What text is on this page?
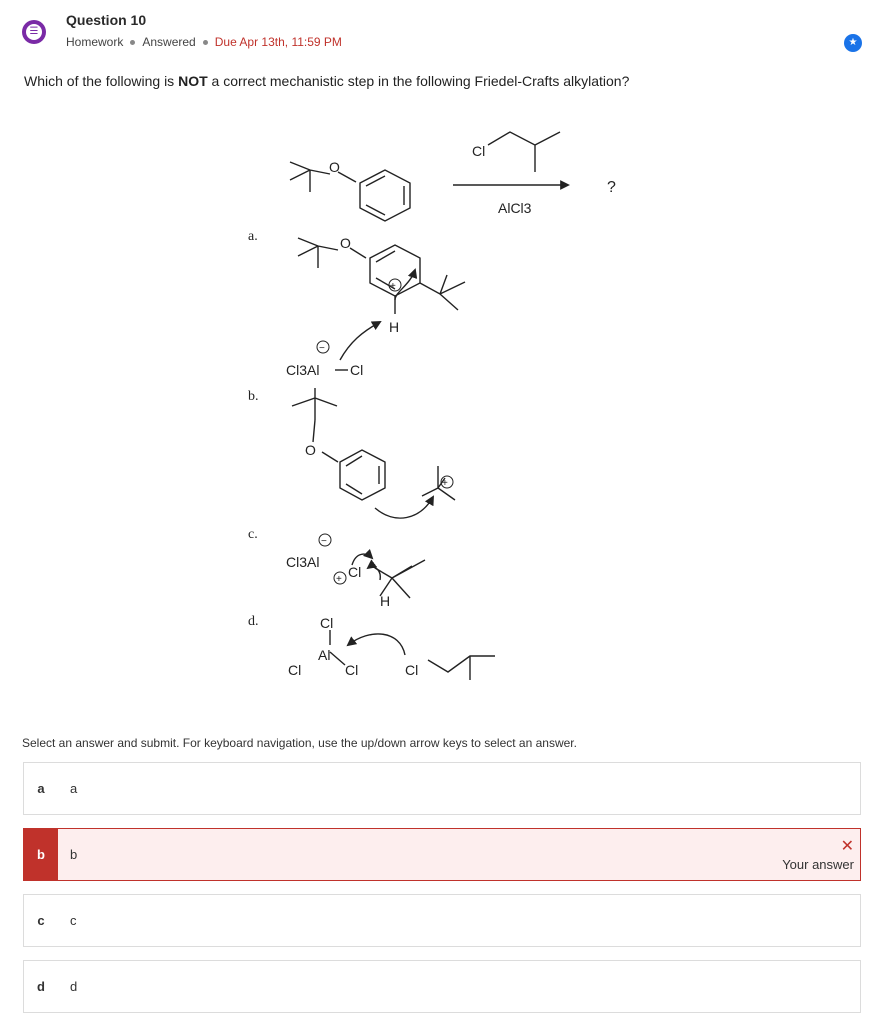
☰
Question 10
Homework Answered Due Apr 13th, 11:59 PM	★
Which of the following is NOT a correct mechanistic step in the following Friedel-Crafts alkylation?
Cl
AlCl3
?
O
a.	O
+
H
−
Cl3Al Cl
b.
O
+
c.	−
Cl3Al
+ Cl
H
d.	Cl
Al
Cl	Cl	Cl
Select an answer and submit. For keyboard navigation, use the up/down arrow keys to select an answer.
a	a
b	b	✕
Your answer
c	c
d	d
